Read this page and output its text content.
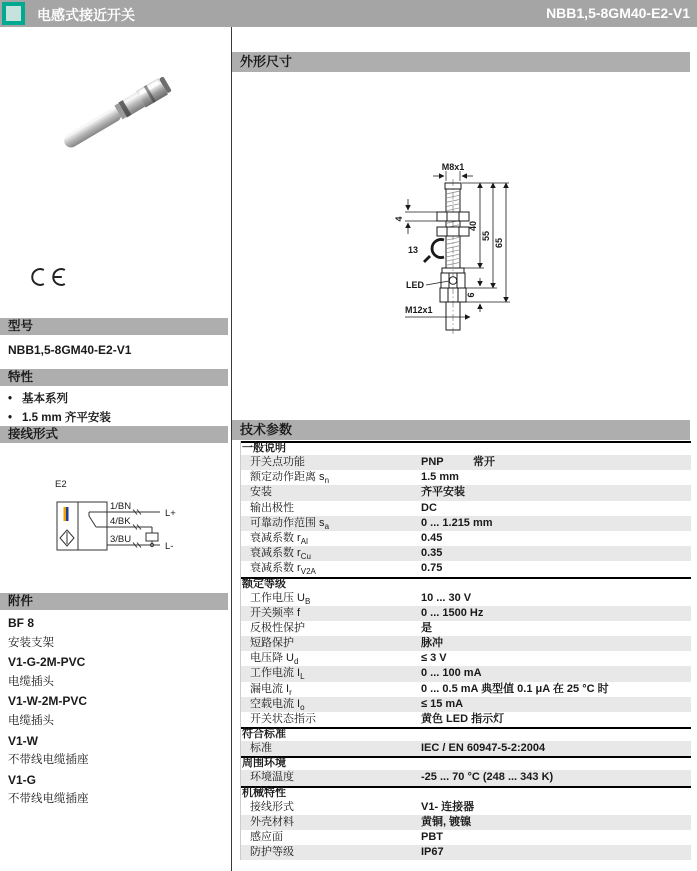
电感式接近开关	NBB1,5-8GM40-E2-V1
型号
NBB1,5-8GM40-E2-V1
特性
• 基本系列
• 1.5 mm 齐平安装
接线形式
E2
1/BN
4/BK
3/BU
L+
L-
附件
BF 8
安装支架
V1-G-2M-PVC
电缆插头
V1-W-2M-PVC
电缆插头
V1-W
不带线电缆插座
V1-G
不带线电缆插座
外形尺寸
M8x1
4
13
40
55
65
6
LED
M12x1
技术参数
一般说明
开关点功能	PNP	常开
额定动作距离 $s_n$	1.5 mm
安装	齐平安装
输出极性	DC
可靠动作范围 $s_a$	0 ... 1.215 mm
衰减系数 $r_{Al}$	0.45
衰减系数 $r_{Cu}$	0.35
衰减系数 $r_{V2A}$	0.75
额定等级
工作电压 $U_B$	10 ... 30 V
开关频率 f	0 ... 1500 Hz
反极性保护	是
短路保护	脉冲
电压降 $U_d$	≤ 3 V
工作电流 $I_L$	0 ... 100 mA
漏电流 $I_r$	0 ... 0.5 mA 典型值 0.1 μA 在 25 °C 时
空载电流 $I_o$	≤ 15 mA
开关状态指示	黄色 LED 指示灯
符合标准
标准	IEC / EN 60947-5-2:2004
周围环境
环境温度	-25 ... 70 °C (248 ... 343 K)
机械特性
接线形式	V1- 连接器
外壳材料	黄铜, 镀镍
感应面	PBT
防护等级	IP67
